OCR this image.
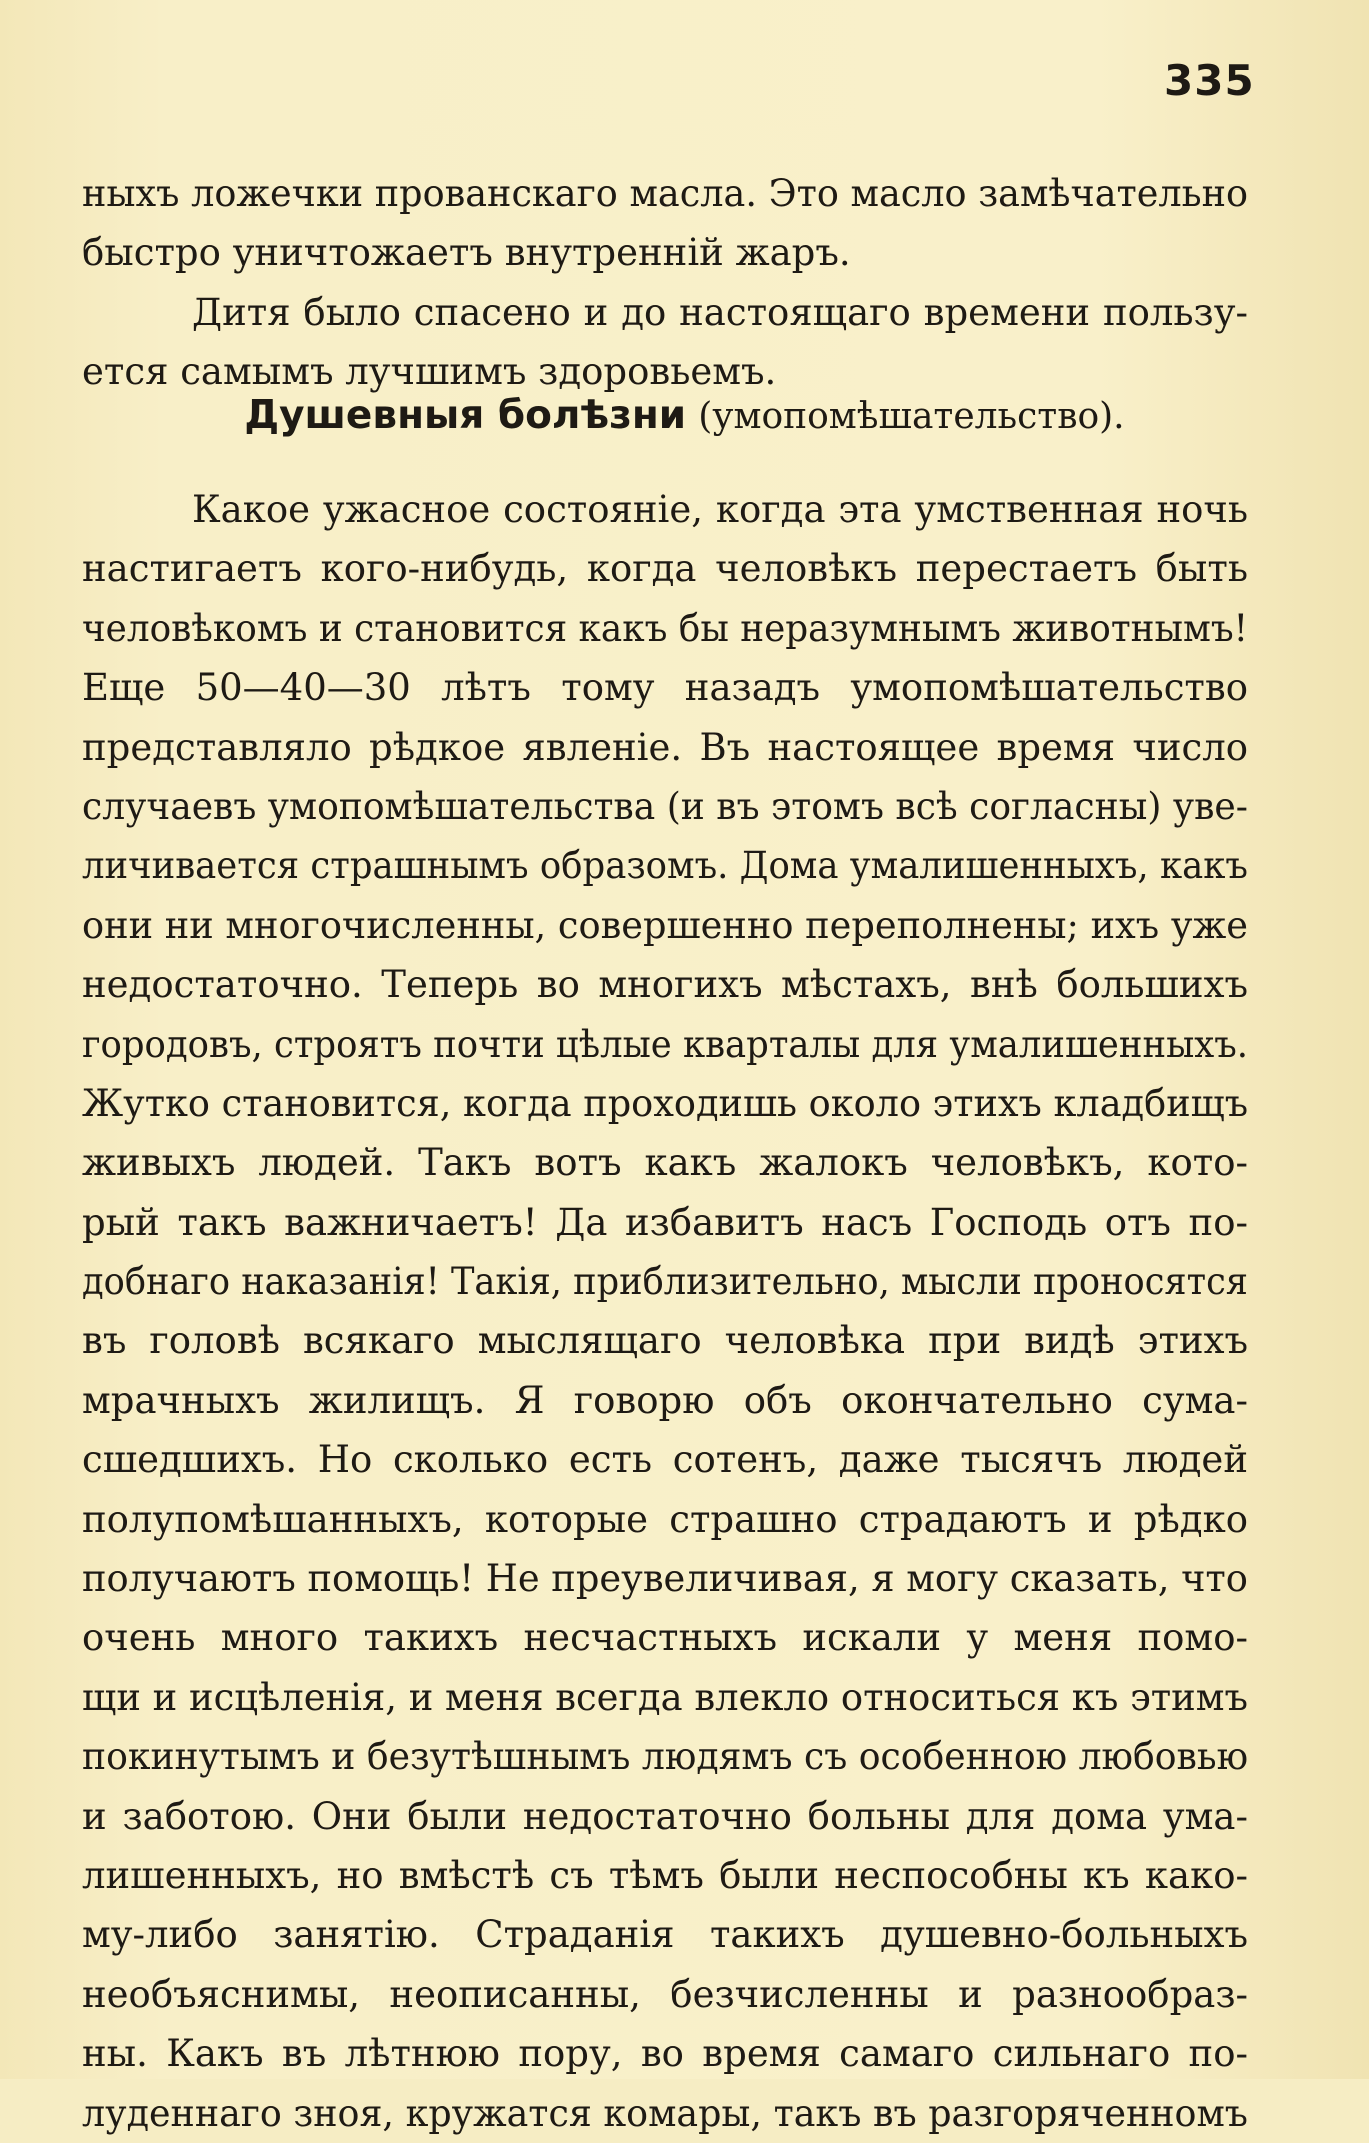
335
ныхъ ложечки прованскаго масла. Это масло замѣчательно
быстро уничтожаетъ внутренній жаръ.
Дитя было спасено и до настоящаго времени пользу-
ется самымъ лучшимъ здоровьемъ.
Душевныя болѣзни (умопомѣшательство).
Какое ужасное состояніе, когда эта умственная ночь
настигаетъ кого-нибудь, когда человѣкъ перестаетъ быть
человѣкомъ и становится какъ бы неразумнымъ животнымъ!
Еще 50—40—30 лѣтъ тому назадъ умопомѣшательство
представляло рѣдкое явленіе. Въ настоящее время число
случаевъ умопомѣшательства (и въ этомъ всѣ согласны) уве-
личивается страшнымъ образомъ. Дома умалишенныхъ, какъ
они ни многочисленны, совершенно переполнены; ихъ уже
недостаточно. Теперь во многихъ мѣстахъ, внѣ большихъ
городовъ, строятъ почти цѣлые кварталы для умалишенныхъ.
Жутко становится, когда проходишь около этихъ кладбищъ
живыхъ людей. Такъ вотъ какъ жалокъ человѣкъ, кото-
рый такъ важничаетъ! Да избавитъ насъ Господь отъ по-
добнаго наказанія! Такія, приблизительно, мысли проносятся
въ головѣ всякаго мыслящаго человѣка при видѣ этихъ
мрачныхъ жилищъ. Я говорю объ окончательно сума-
сшедшихъ. Но сколько есть сотенъ, даже тысячъ людей
полупомѣшанныхъ, которые страшно страдаютъ и рѣдко
получаютъ помощь! Не преувеличивая, я могу сказать, что
очень много такихъ несчастныхъ искали у меня помо-
щи и исцѣленія, и меня всегда влекло относиться къ этимъ
покинутымъ и безутѣшнымъ людямъ съ особенною любовью
и заботою. Они были недостаточно больны для дома ума-
лишенныхъ, но вмѣстѣ съ тѣмъ были неспособны къ како-
му-либо занятію. Страданія такихъ душевно-больныхъ
необъяснимы, неописанны, безчисленны и разнообраз-
ны. Какъ въ лѣтнюю пору, во время самаго сильнаго по-
луденнаго зноя, кружатся комары, такъ въ разгоряченномъ
